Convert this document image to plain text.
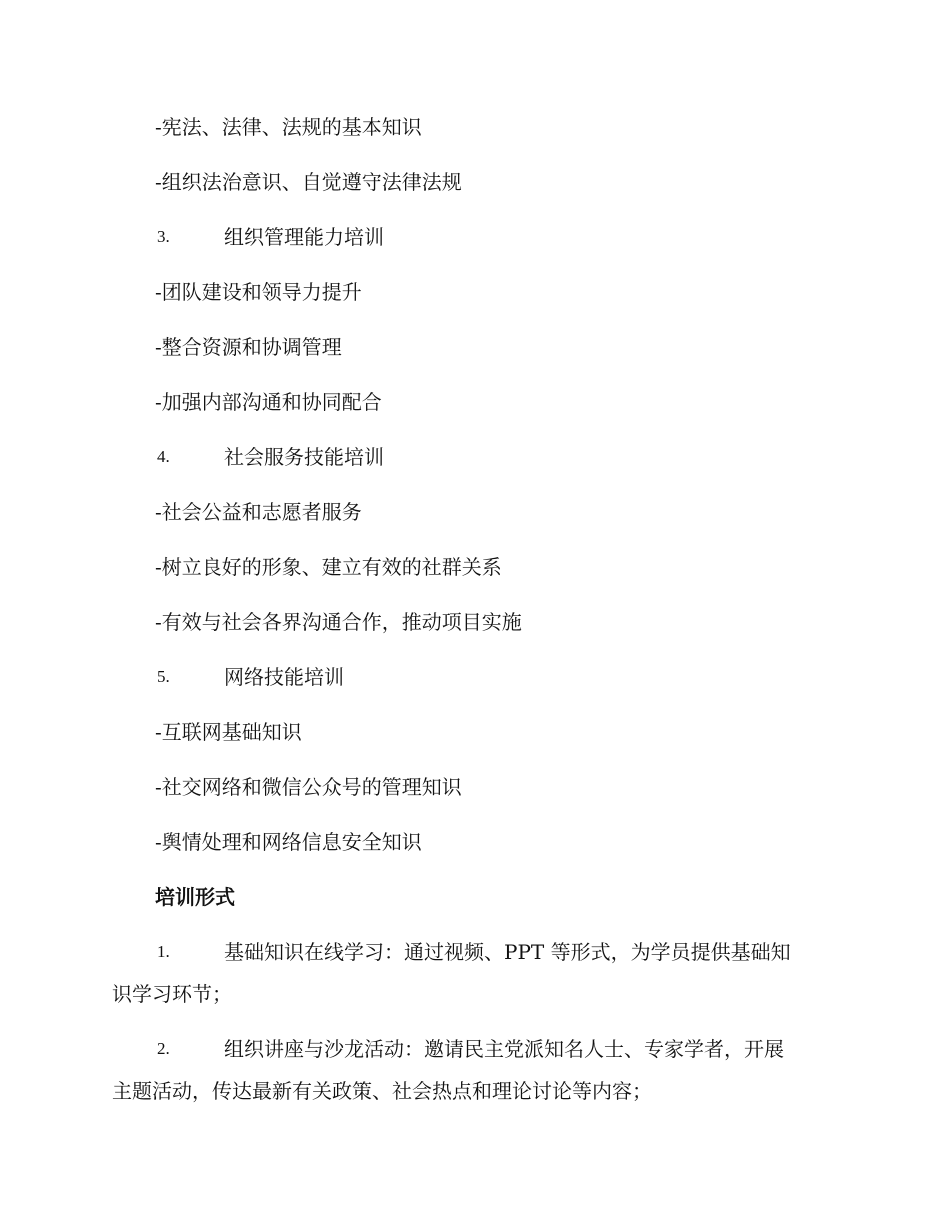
-宪法、法律、法规的基本知识
-组织法治意识、自觉遵守法律法规
3.	组织管理能力培训
-团队建设和领导力提升
-整合资源和协调管理
-加强内部沟通和协同配合
4.	社会服务技能培训
-社会公益和志愿者服务
-树立良好的形象、建立有效的社群关系
-有效与社会各界沟通合作，推动项目实施
5.	网络技能培训
-互联网基础知识
-社交网络和微信公众号的管理知识
-舆情处理和网络信息安全知识
培训形式
1.	基础知识在线学习：通过视频、PPT 等形式，为学员提供基础知
识学习环节；
2.	组织讲座与沙龙活动：邀请民主党派知名人士、专家学者，开展
主题活动，传达最新有关政策、社会热点和理论讨论等内容；
